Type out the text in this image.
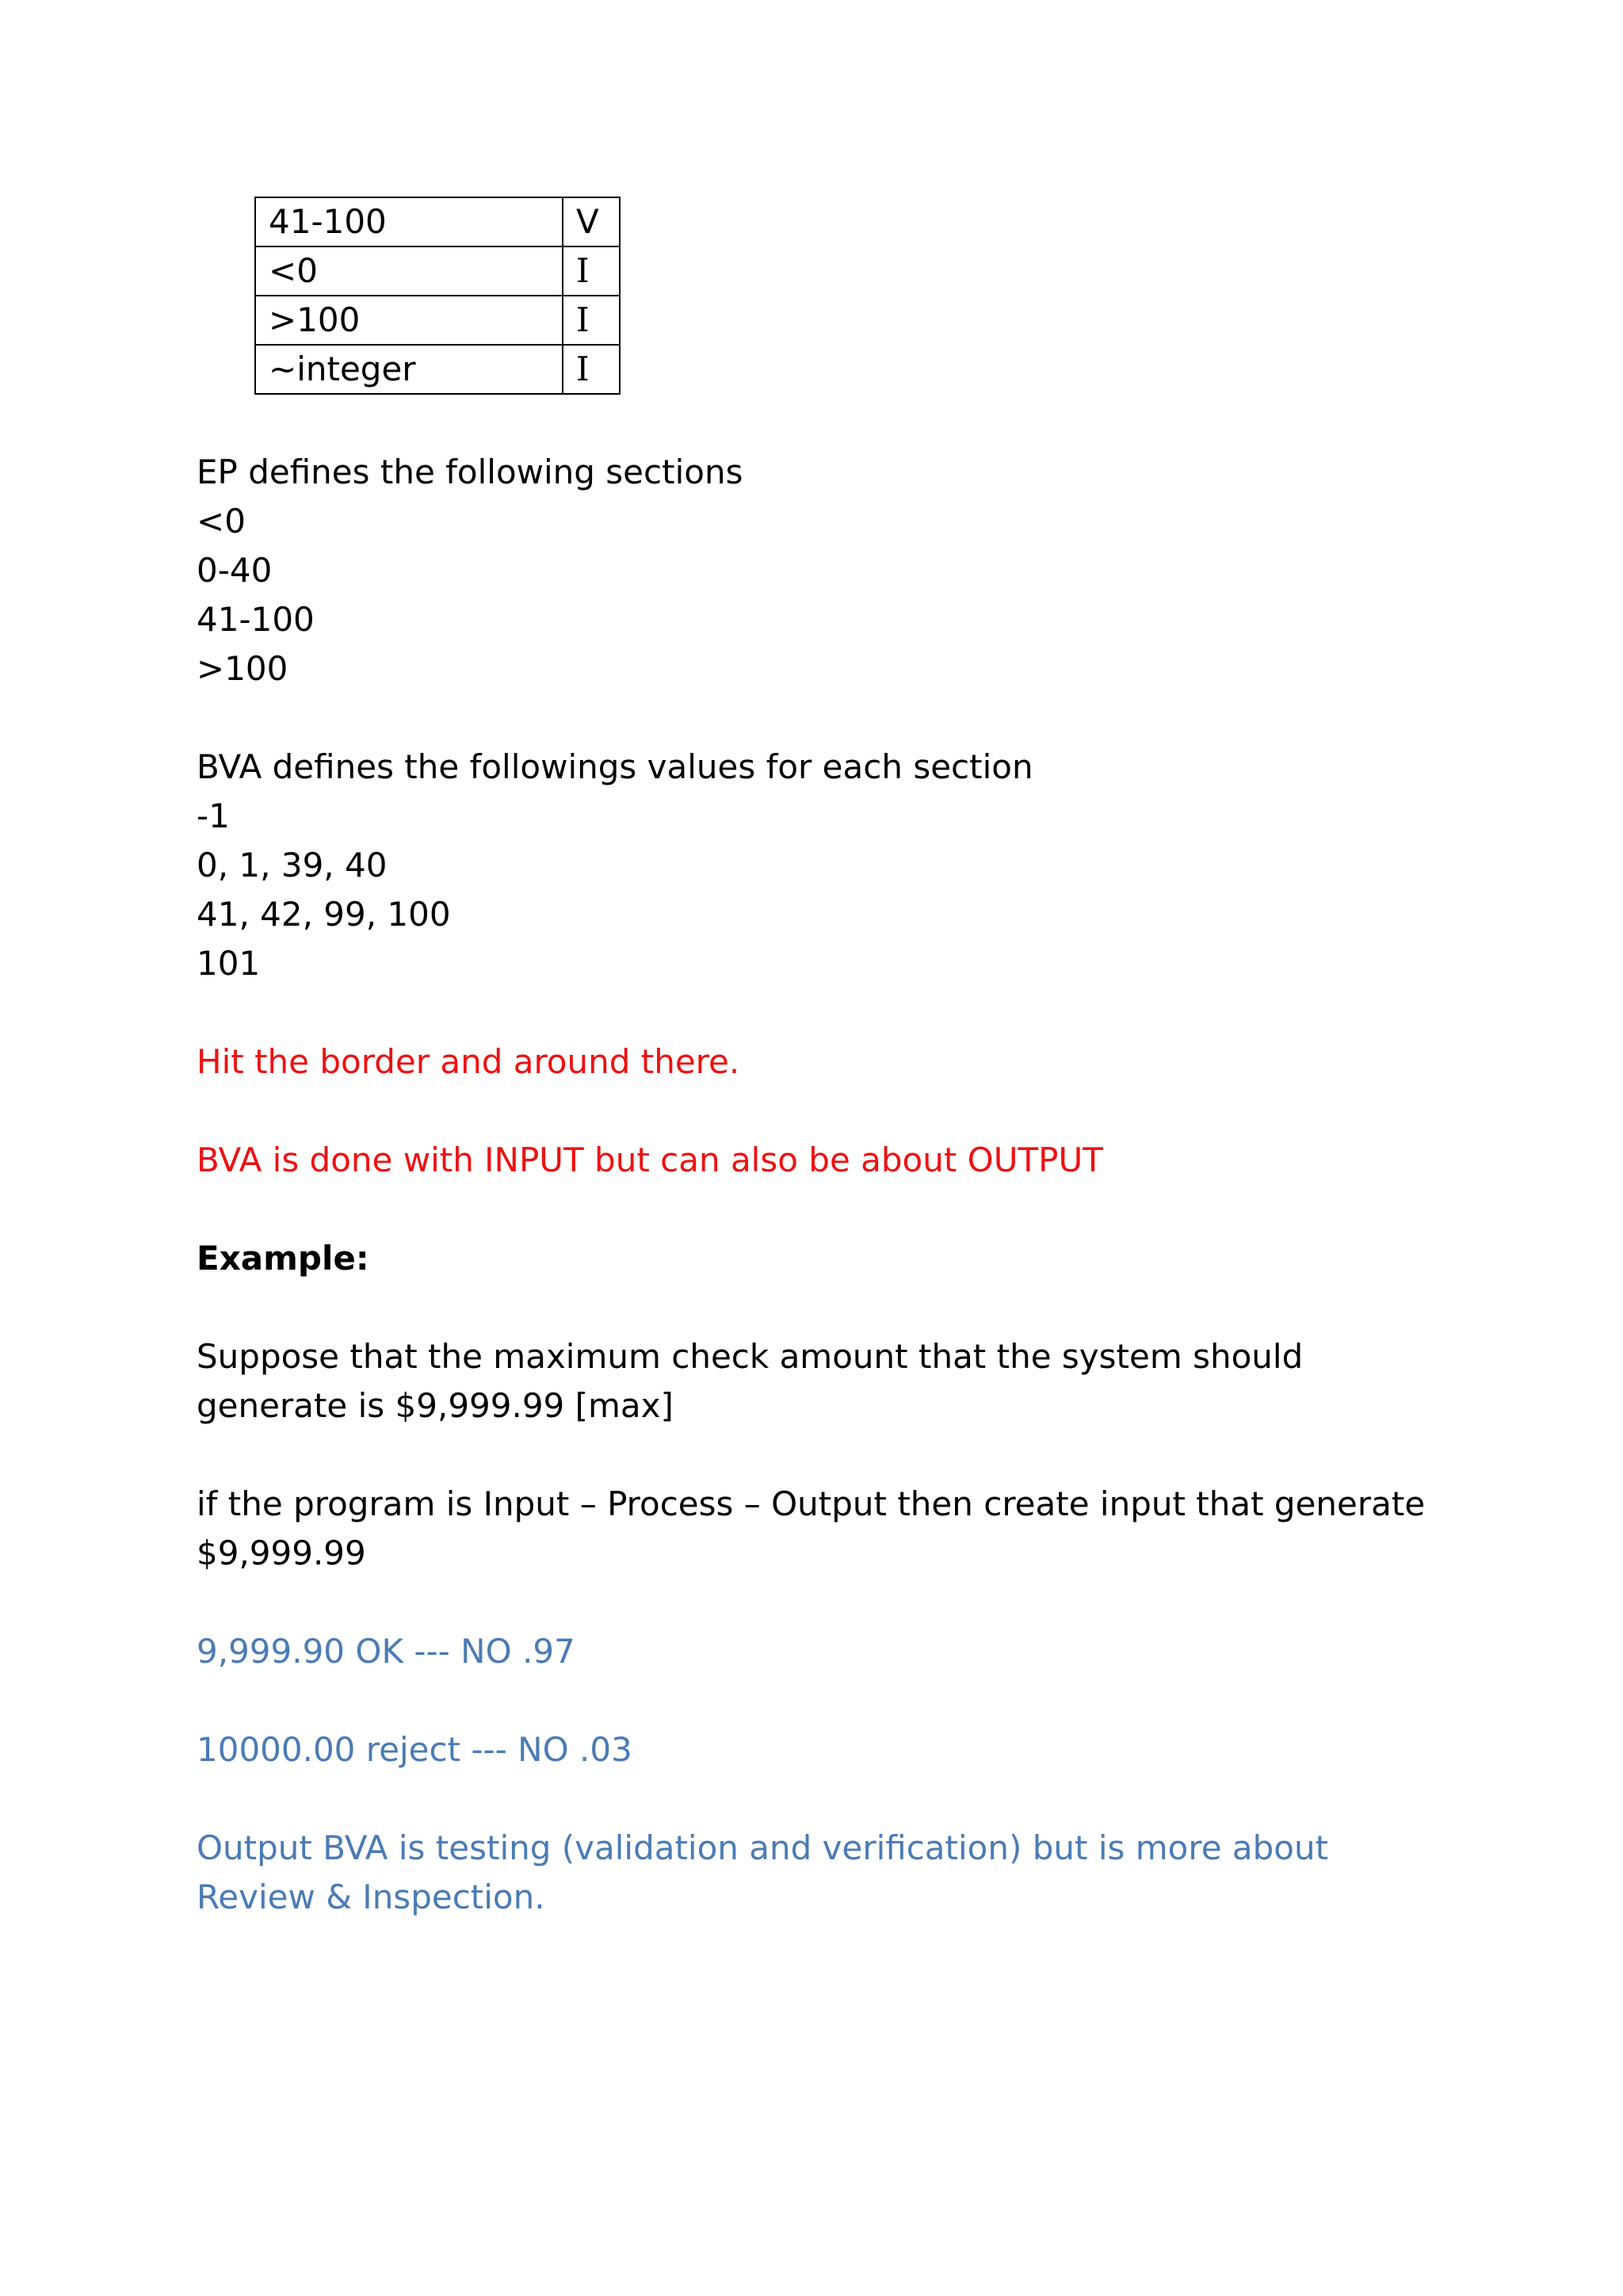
41-100	V
<0	I
>100	I
~integer	I
EP defines the following sections
<0
0-40
41-100
>100
BVA defines the followings values for each section
-1
0, 1, 39, 40
41, 42, 99, 100
101
Hit the border and around there.
BVA is done with INPUT but can also be about OUTPUT
Example:
Suppose that the maximum check amount that the system should
generate is $9,999.99 [max]
if the program is Input – Process – Output then create input that generate
$9,999.99
9,999.90 OK --- NO .97
10000.00 reject --- NO .03
Output BVA is testing (validation and verification) but is more about
Review & Inspection.
